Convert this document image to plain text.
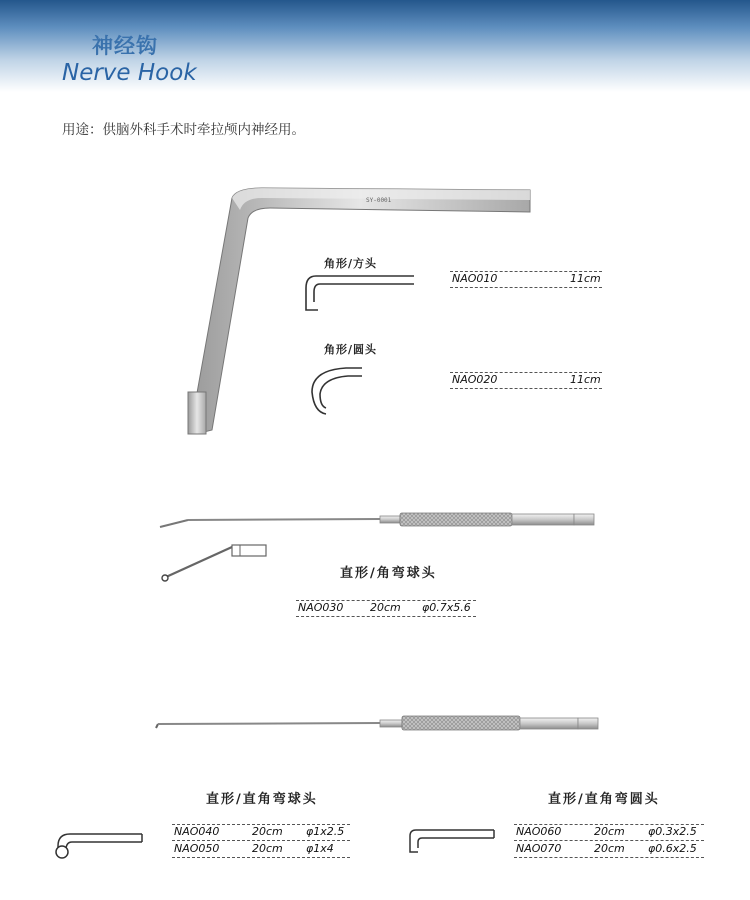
神经钩
Nerve Hook
用途：供脑外科手术时牵拉颅内神经用。
SY-0001
角形/方头
NAO010	11cm
角形/圆头
NAO020	11cm
直形/角弯球头
NAO030 20cm φ0.7x5.6
直形/直角弯球头
NAO040	20cm φ1x2.5
NAO050	20cm φ1x4
直形/直角弯圆头
NAO060	20cm φ0.3x2.5
NAO070	20cm φ0.6x2.5
